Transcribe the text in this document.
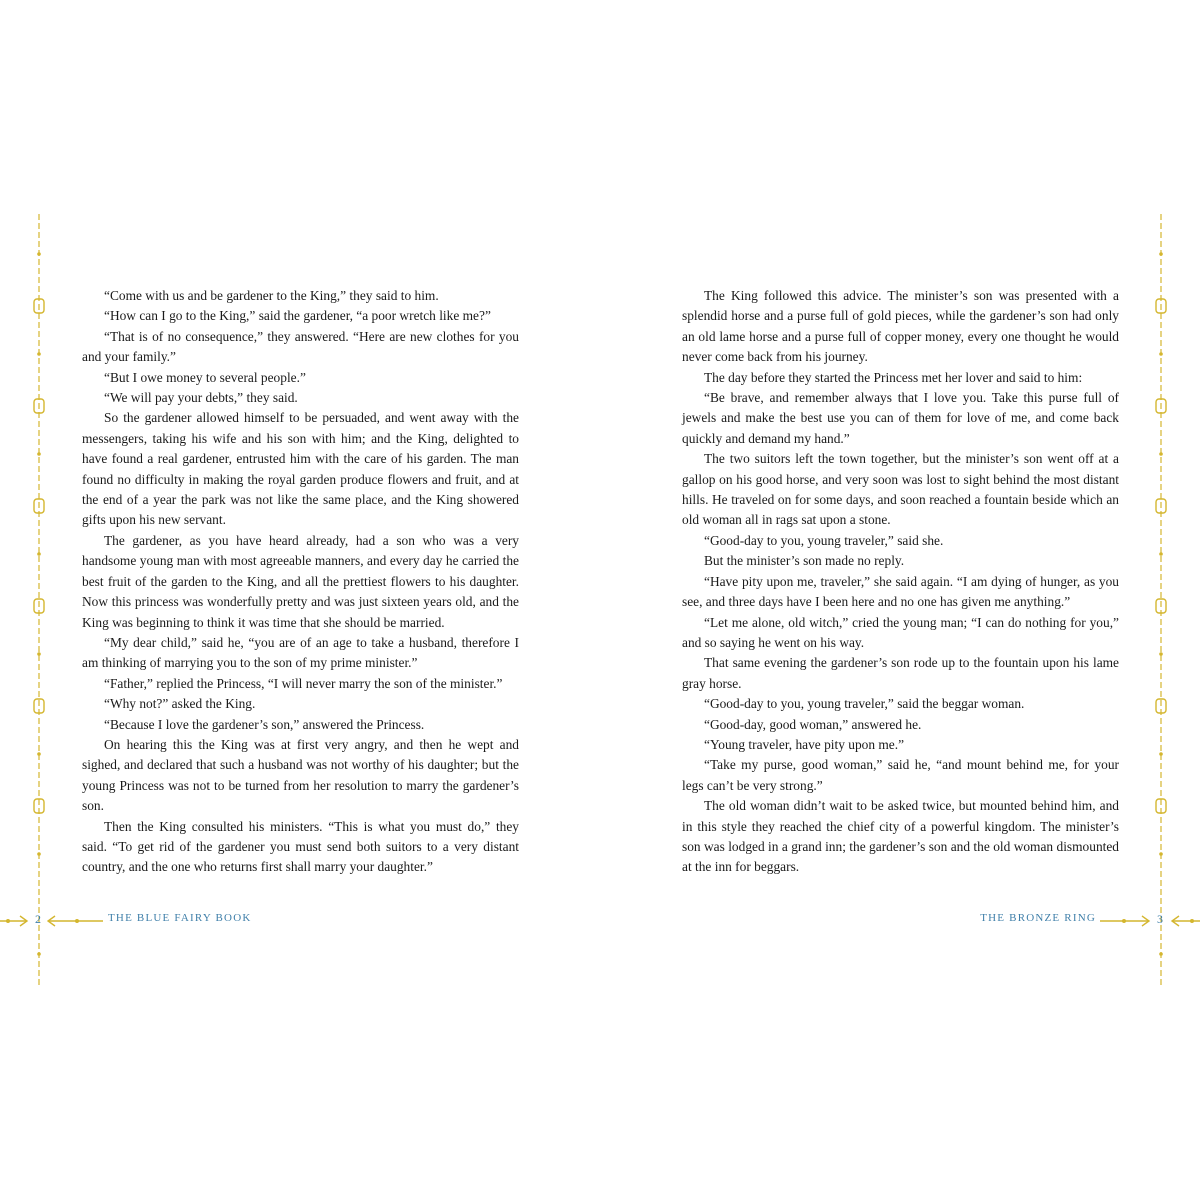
“Come with us and be gardener to the King,” they said to him.

“How can I go to the King,” said the gardener, “a poor wretch like me?”

“That is of no consequence,” they answered. “Here are new clothes for you and your family.”

“But I owe money to several people.”

“We will pay your debts,” they said.

So the gardener allowed himself to be persuaded, and went away with the messengers, taking his wife and his son with him; and the King, delighted to have found a real gardener, entrusted him with the care of his garden. The man found no difficulty in making the royal garden produce flowers and fruit, and at the end of a year the park was not like the same place, and the King showered gifts upon his new servant.

The gardener, as you have heard already, had a son who was a very handsome young man with most agreeable manners, and every day he carried the best fruit of the garden to the King, and all the prettiest flowers to his daughter. Now this princess was wonderfully pretty and was just sixteen years old, and the King was beginning to think it was time that she should be married.

“My dear child,” said he, “you are of an age to take a husband, therefore I am thinking of marrying you to the son of my prime minister.”

“Father,” replied the Princess, “I will never marry the son of the minister.”

“Why not?” asked the King.

“Because I love the gardener’s son,” answered the Princess.

On hearing this the King was at first very angry, and then he wept and sighed, and declared that such a husband was not worthy of his daughter; but the young Princess was not to be turned from her resolution to marry the gardener’s son.

Then the King consulted his ministers. “This is what you must do,” they said. “To get rid of the gardener you must send both suitors to a very distant country, and the one who returns first shall marry your daughter.”

2	THE BLUE FAIRY BOOK

The King followed this advice. The minister’s son was presented with a splendid horse and a purse full of gold pieces, while the gardener’s son had only an old lame horse and a purse full of copper money, every one thought he would never come back from his journey.

The day before they started the Princess met her lover and said to him:

“Be brave, and remember always that I love you. Take this purse full of jewels and make the best use you can of them for love of me, and come back quickly and demand my hand.”

The two suitors left the town together, but the minister’s son went off at a gallop on his good horse, and very soon was lost to sight behind the most distant hills. He traveled on for some days, and soon reached a fountain beside which an old woman all in rags sat upon a stone.

“Good-day to you, young traveler,” said she.

But the minister’s son made no reply.

“Have pity upon me, traveler,” she said again. “I am dying of hunger, as you see, and three days have I been here and no one has given me anything.”

“Let me alone, old witch,” cried the young man; “I can do nothing for you,” and so saying he went on his way.

That same evening the gardener’s son rode up to the fountain upon his lame gray horse.

“Good-day to you, young traveler,” said the beggar woman.

“Good-day, good woman,” answered he.

“Young traveler, have pity upon me.”

“Take my purse, good woman,” said he, “and mount behind me, for your legs can’t be very strong.”

The old woman didn’t wait to be asked twice, but mounted behind him, and in this style they reached the chief city of a powerful kingdom. The minister’s son was lodged in a grand inn; the gardener’s son and the old woman dismounted at the inn for beggars.

THE BRONZE RING	3
